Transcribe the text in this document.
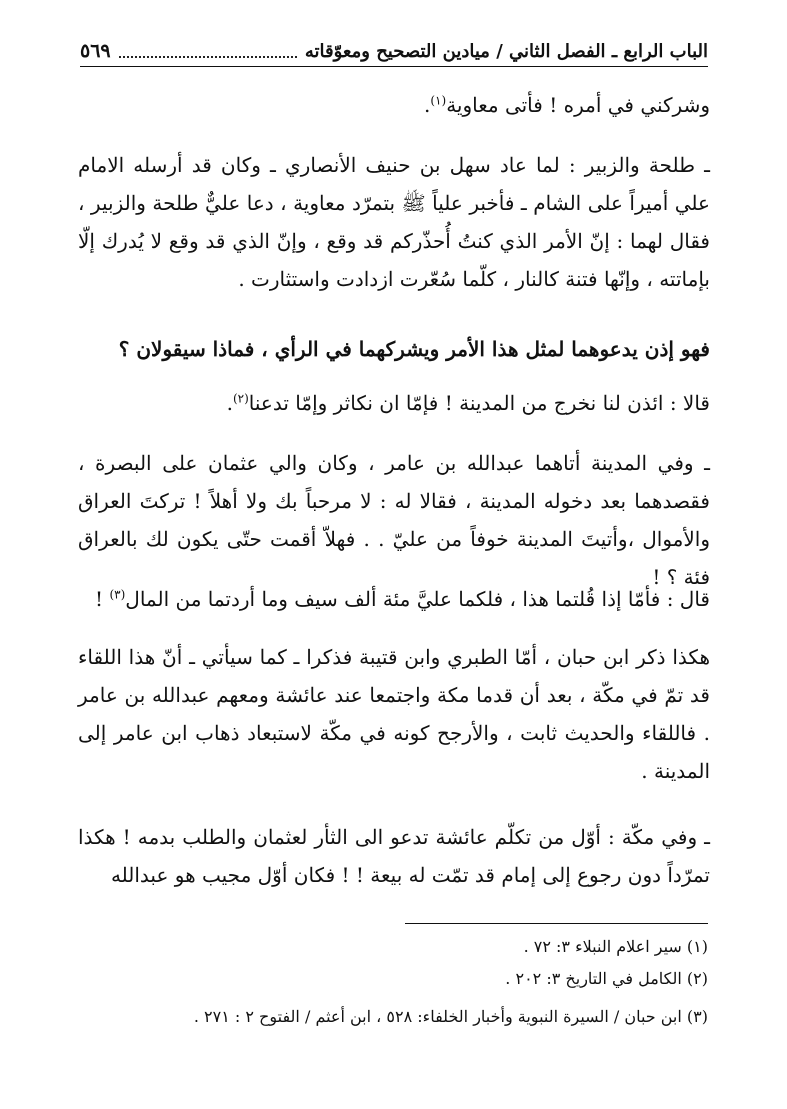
الباب الرابع ـ الفصل الثاني / ميادين التصحيح ومعوّقاته
٥٦٩
وشركني في أمره ! فأتى معاوية$^{(١)}$.
ـ طلحة والزبير : لما عاد سهل بن حنيف الأنصاري ـ وكان قد أرسله الامام علي أميراً على الشام ـ فأخبر علياً ﷺ بتمرّد معاوية ، دعا عليٌّ طلحة والزبير ، فقال لهما : إنّ الأمر الذي كنتُ أُحذّركم قد وقع ، وإنّ الذي قد وقع لا يُدرك إلّا بإماتته ، وإنّها فتنة كالنار ، كلّما سُعّرت ازدادت واستثارت .
فهو إذن يدعوهما لمثل هذا الأمر ويشركهما في الرأي ، فماذا سيقولان ؟
قالا : ائذن لنا نخرج من المدينة ! فإمّا ان نكاثر وإمّا تدعنا$^{(٢)}$.
ـ وفي المدينة أتاهما عبدالله بن عامر ، وكان والي عثمان على البصرة ، فقصدهما بعد دخوله المدينة ، فقالا له : لا مرحباً بك ولا أهلاً ! تركتَ العراق والأموال ،وأتيتَ المدينة خوفاً من عليّ . . فهلاّ أقمت حتّى يكون لك بالعراق فئة ؟ !
قال : فأمّا إذا قُلتما هذا ، فلكما عليَّ مئة ألف سيف وما أردتما من المال$^{(٣)}$ !
هكذا ذكر ابن حبان ، أمّا الطبري وابن قتيبة فذكرا ـ كما سيأتي ـ أنّ هذا اللقاء قد تمّ في مكّة ، بعد أن قدما مكة واجتمعا عند عائشة ومعهم عبدالله بن عامر . فاللقاء والحديث ثابت ، والأرجح كونه في مكّة لاستبعاد ذهاب ابن عامر إلى المدينة .
ـ وفي مكّة : أوّل من تكلّم عائشة تدعو الى الثأر لعثمان والطلب بدمه ! هكذا تمرّداً دون رجوع إلى إمام قد تمّت له بيعة ! ! فكان أوّل مجيب هو عبدالله
(١) سير اعلام النبلاء ٣: ٧٢ .
(٢) الكامل في التاريخ ٣: ٢٠٢ .
(٣) ابن حبان / السيرة النبوية وأخبار الخلفاء: ٥٢٨ ، ابن أعثم / الفتوح ٢ : ٢٧١ .
